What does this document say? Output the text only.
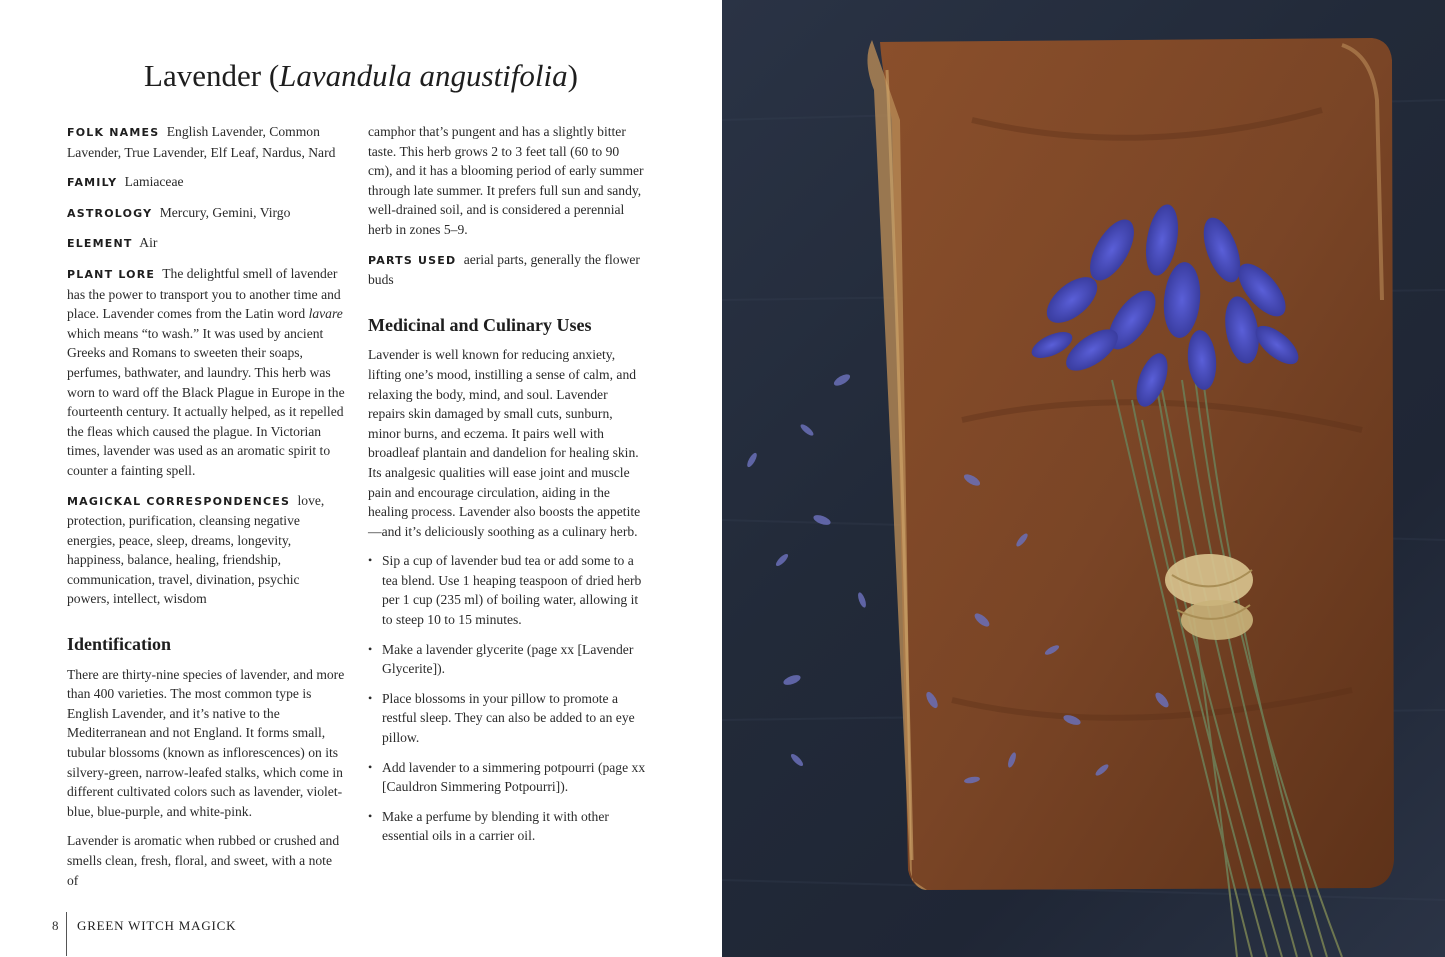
Lavender (Lavandula angustifolia)

FOLK NAMES English Lavender, Common Lavender, True Lavender, Elf Leaf, Nardus, Nard

FAMILY Lamiaceae

ASTROLOGY Mercury, Gemini, Virgo

ELEMENT Air

PLANT LORE The delightful smell of lavender has the power to transport you to another time and place. Lavender comes from the Latin word lavare which means “to wash.” It was used by ancient Greeks and Romans to sweeten their soaps, perfumes, bathwater, and laundry. This herb was worn to ward off the Black Plague in Europe in the fourteenth century. It actually helped, as it repelled the fleas which caused the plague. In Victorian times, lavender was used as an aromatic spirit to counter a fainting spell.

MAGICKAL CORRESPONDENCES love, protection, purification, cleansing negative energies, peace, sleep, dreams, longevity, happiness, balance, healing, friendship, communication, travel, divination, psychic powers, intellect, wisdom

Identification

There are thirty-nine species of lavender, and more than 400 varieties. The most common type is English Lavender, and it’s native to the Mediterranean and not England. It forms small, tubular blossoms (known as inflorescences) on its silvery-green, narrow-leafed stalks, which come in different cultivated colors such as lavender, violet-blue, blue-purple, and white-pink.

Lavender is aromatic when rubbed or crushed and smells clean, fresh, floral, and sweet, with a note of

camphor that’s pungent and has a slightly bitter taste. This herb grows 2 to 3 feet tall (60 to 90 cm), and it has a blooming period of early summer through late summer. It prefers full sun and sandy, well-drained soil, and is considered a perennial herb in zones 5–9.

PARTS USED aerial parts, generally the flower buds

Medicinal and Culinary Uses

Lavender is well known for reducing anxiety, lifting one’s mood, instilling a sense of calm, and relaxing the body, mind, and soul. Lavender repairs skin damaged by small cuts, sunburn, minor burns, and eczema. It pairs well with broadleaf plantain and dandelion for healing skin. Its analgesic qualities will ease joint and muscle pain and encourage circulation, aiding in the healing process. Lavender also boosts the appetite—and it’s deliciously soothing as a culinary herb.

• Sip a cup of lavender bud tea or add some to a tea blend. Use 1 heaping teaspoon of dried herb per 1 cup (235 ml) of boiling water, allowing it to steep 10 to 15 minutes.
• Make a lavender glycerite (page xx [Lavender Glycerite]).
• Place blossoms in your pillow to promote a restful sleep. They can also be added to an eye pillow.
• Add lavender to a simmering potpourri (page xx [Cauldron Simmering Potpourri]).
• Make a perfume by blending it with other essential oils in a carrier oil.
8	GREEN WITCH MAGICK
